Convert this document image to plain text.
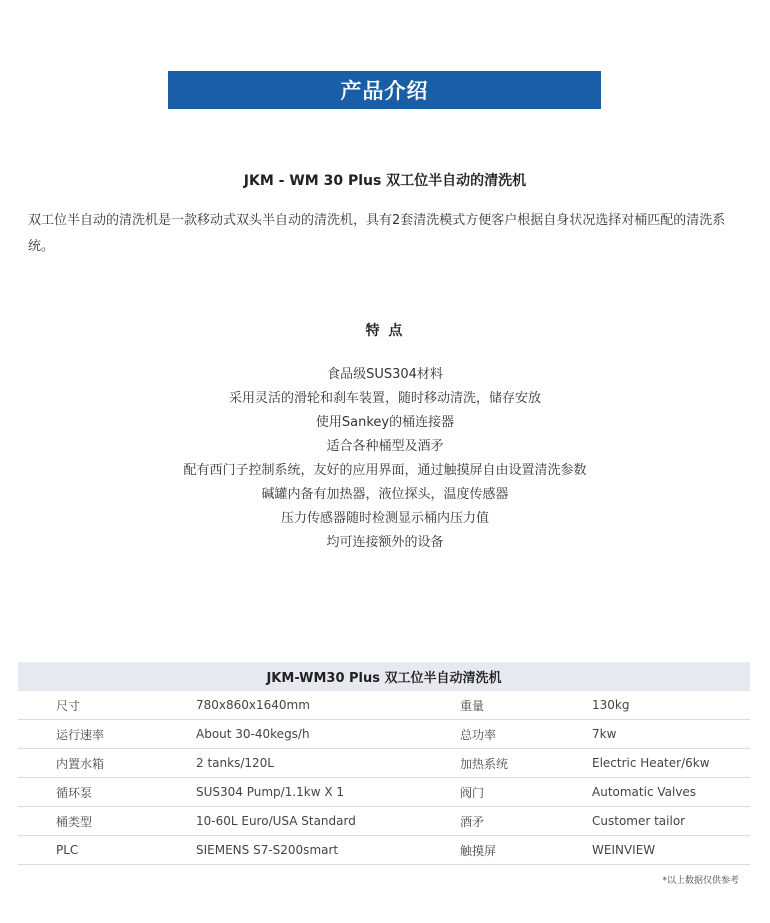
产品介绍
JKM - WM 30 Plus 双工位半自动的清洗机
双工位半自动的清洗机是一款移动式双头半自动的清洗机，具有2套清洗模式方便客户根据自身状况选择对桶匹配的清洗系统。
特 点
食品级SUS304材料
采用灵活的滑轮和刹车装置，随时移动清洗，储存安放
使用Sankey的桶连接器
适合各种桶型及酒矛
配有西门子控制系统，友好的应用界面，通过触摸屏自由设置清洗参数
碱罐内备有加热器，液位探头，温度传感器
压力传感器随时检测显示桶内压力值
均可连接额外的设备
JKM-WM30 Plus 双工位半自动清洗机			
尺寸	780x860x1640mm	重量	130kg
运行速率	About 30-40kegs/h	总功率	7kw
内置水箱	2 tanks/120L	加热系统	Electric Heater/6kw
循环泵	SUS304 Pump/1.1kw X 1	阀门	Automatic Valves
桶类型	10-60L Euro/USA Standard	酒矛	Customer tailor
PLC	SIEMENS S7-S200smart	触摸屏	WEINVIEW
*以上数据仅供参考
